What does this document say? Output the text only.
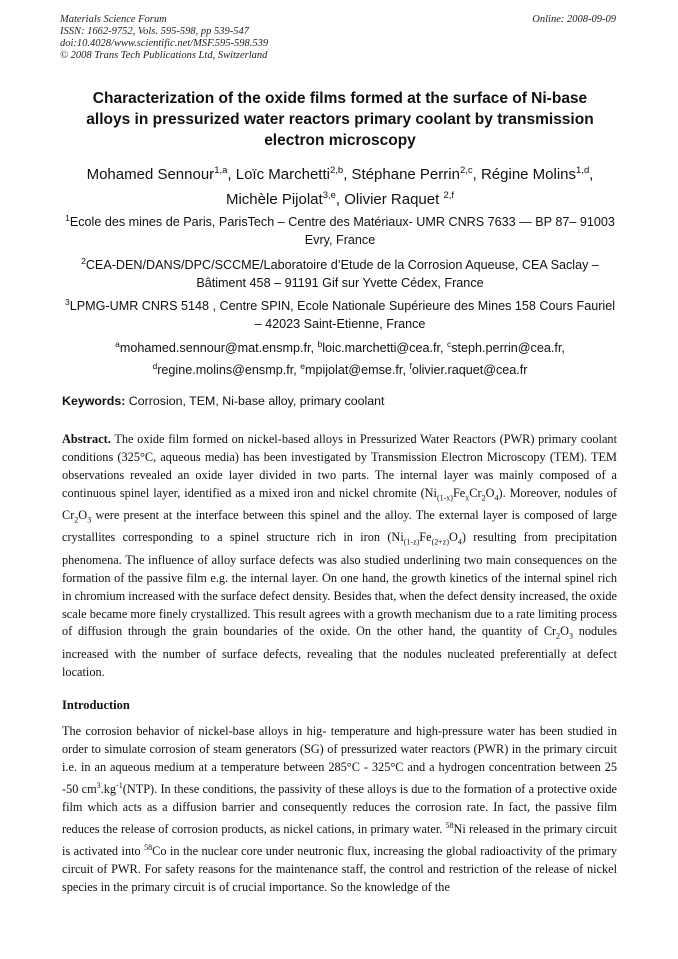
Materials Science Forum
ISSN: 1662-9752, Vols. 595-598, pp 539-547
doi:10.4028/www.scientific.net/MSF.595-598.539
© 2008 Trans Tech Publications Ltd, Switzerland
Online: 2008-09-09
Characterization of the oxide films formed at the surface of Ni-base alloys in pressurized water reactors primary coolant by transmission electron microscopy
Mohamed Sennour$^{1,a}$, Loïc Marchetti$^{2,b}$, Stéphane Perrin$^{2,c}$, Régine Molins$^{1,d}$,
Michèle Pijolat$^{3,e}$, Olivier Raquet $^{2,f}$
$^1$Ecole des mines de Paris, ParisTech – Centre des Matériaux- UMR CNRS 7633 — BP 87– 91003 Evry, France
$^2$CEA-DEN/DANS/DPC/SCCME/Laboratoire d’Etude de la Corrosion Aqueuse, CEA Saclay – Bâtiment 458 – 91191 Gif sur Yvette Cédex, France
$^3$LPMG-UMR CNRS 5148 , Centre SPIN, Ecole Nationale Supérieure des Mines 158 Cours Fauriel – 42023 Saint-Etienne, France
$^a$mohamed.sennour@mat.ensmp.fr, $^b$loic.marchetti@cea.fr, $^c$steph.perrin@cea.fr,
$^d$regine.molins@ensmp.fr, $^e$mpijolat@emse.fr, $^f$olivier.raquet@cea.fr
Keywords: Corrosion, TEM, Ni-base alloy, primary coolant
Abstract. The oxide film formed on nickel-based alloys in Pressurized Water Reactors (PWR) primary coolant conditions (325°C, aqueous media) has been investigated by Transmission Electron Microscopy (TEM). TEM observations revealed an oxide layer divided in two parts. The internal layer was mainly composed of a continuous spinel layer, identified as a mixed iron and nickel chromite $(Ni_{(1-x)}Fe_xCr_2O_4)$. Moreover, nodules of $Cr_2O_3$ were present at the interface between this spinel and the alloy. The external layer is composed of large crystallites corresponding to a spinel structure rich in iron $(Ni_{(1-z)}Fe_{(2+z)}O_4)$ resulting from precipitation phenomena. The influence of alloy surface defects was also studied underlining two main consequences on the formation of the passive film e.g. the internal layer. On one hand, the growth kinetics of the internal spinel rich in chromium increased with the surface defect density. Besides that, when the defect density increased, the oxide scale became more finely crystallized. This result agrees with a growth mechanism due to a rate limiting process of diffusion through the grain boundaries of the oxide. On the other hand, the quantity of $Cr_2O_3$ nodules increased with the number of surface defects, revealing that the nodules nucleated preferentially at defect location.
Introduction
The corrosion behavior of nickel-base alloys in hig- temperature and high-pressure water has been studied in order to simulate corrosion of steam generators (SG) of pressurized water reactors (PWR) in the primary circuit i.e. in an aqueous medium at a temperature between 285°C - 325°C and a hydrogen concentration between 25 -50 $cm^3.kg^{-1}(NTP)$. In these conditions, the passivity of these alloys is due to the formation of a protective oxide film which acts as a diffusion barrier and consequently reduces the corrosion rate. In fact, the passive film reduces the release of corrosion products, as nickel cations, in primary water. $^{58}$Ni released in the primary circuit is activated into $^{58}$Co in the nuclear core under neutronic flux, increasing the global radioactivity of the primary circuit of PWR. For safety reasons for the maintenance staff, the control and restriction of the release of nickel species in the primary circuit is of crucial importance. So the knowledge of the
